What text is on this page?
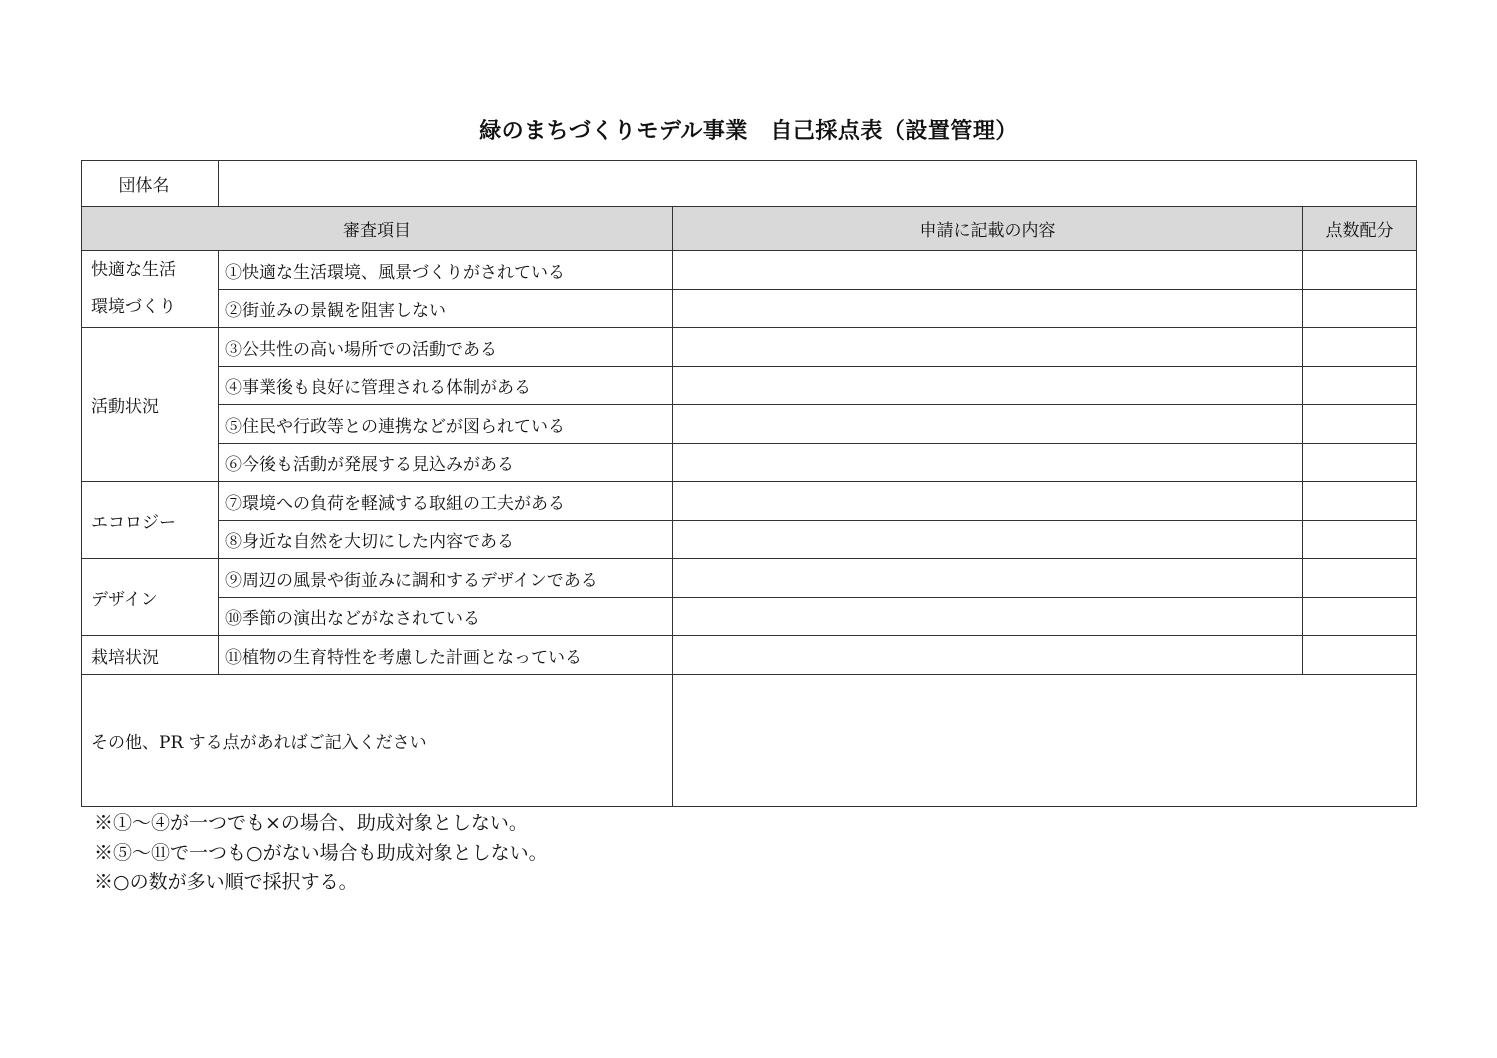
緑のまちづくりモデル事業　自己採点表（設置管理）
団体名			
審査項目		申請に記載の内容	点数配分
快適な生活
環境づくり	①快適な生活環境、風景づくりがされている		
	②街並みの景観を阻害しない		
活動状況	③公共性の高い場所での活動である		
	④事業後も良好に管理される体制がある		
	⑤住民や行政等との連携などが図られている		
	⑥今後も活動が発展する見込みがある		
エコロジー	⑦環境への負荷を軽減する取組の工夫がある		
	⑧身近な自然を大切にした内容である		
デザイン	⑨周辺の風景や街並みに調和するデザインである		
	⑩季節の演出などがなされている		
栽培状況	⑪植物の生育特性を考慮した計画となっている		
その他、PR する点があればご記入ください			
※①～④が一つでも×の場合、助成対象としない。
※⑤～⑪で一つも○がない場合も助成対象としない。
※○の数が多い順で採択する。
